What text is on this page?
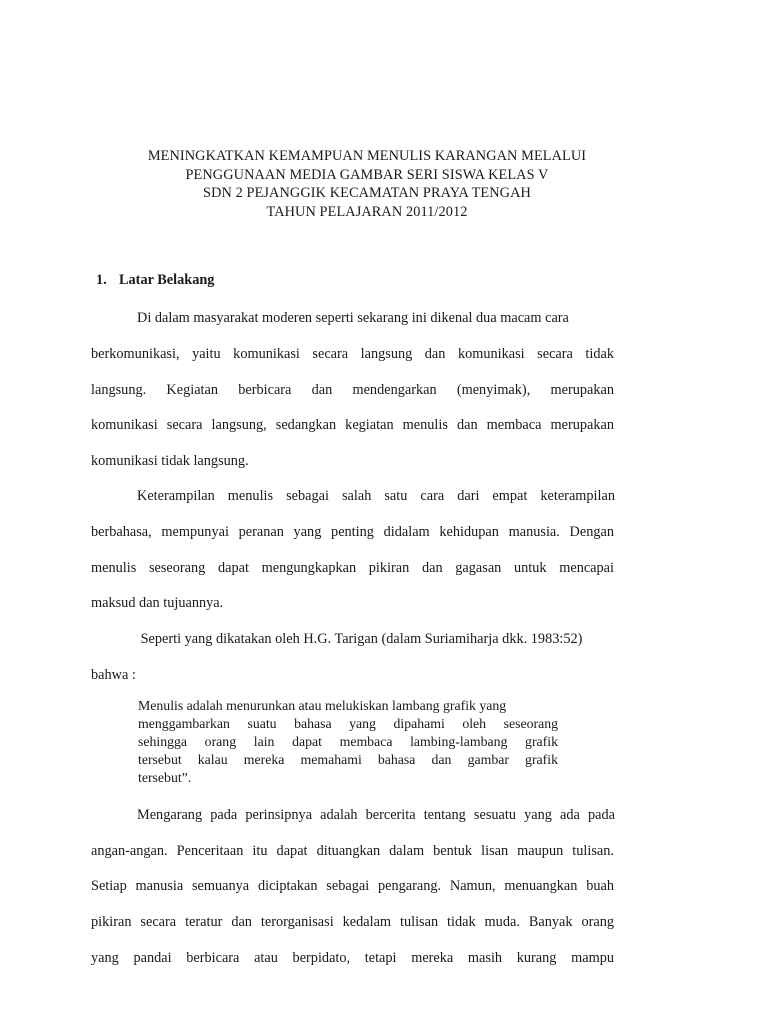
MENINGKATKAN KEMAMPUAN MENULIS KARANGAN MELALUI
PENGGUNAAN MEDIA GAMBAR SERI SISWA KELAS V
SDN 2 PEJANGGIK KECAMATAN PRAYA TENGAH
TAHUN PELAJARAN 2011/2012
1. Latar Belakang
Di dalam masyarakat moderen seperti sekarang ini dikenal dua macam cara
berkomunikasi, yaitu komunikasi secara langsung dan komunikasi secara tidak
langsung. Kegiatan berbicara dan mendengarkan (menyimak), merupakan
komunikasi secara langsung, sedangkan kegiatan menulis dan membaca merupakan
komunikasi tidak langsung.
Keterampilan menulis sebagai salah satu cara dari empat keterampilan
berbahasa, mempunyai peranan yang penting didalam kehidupan manusia. Dengan
menulis seseorang dapat mengungkapkan pikiran dan gagasan untuk mencapai
maksud dan tujuannya.
Seperti yang dikatakan oleh H.G. Tarigan (dalam Suriamiharja dkk. 1983:52)
bahwa :
Menulis adalah menurunkan atau melukiskan lambang grafik yang
menggambarkan suatu bahasa yang dipahami oleh seseorang
sehingga orang lain dapat membaca lambing-lambang grafik
tersebut kalau mereka memahami bahasa dan gambar grafik
tersebut”.
Mengarang pada perinsipnya adalah bercerita tentang sesuatu yang ada pada
angan-angan. Penceritaan itu dapat dituangkan dalam bentuk lisan maupun tulisan.
Setiap manusia semuanya diciptakan sebagai pengarang. Namun, menuangkan buah
pikiran secara teratur dan terorganisasi kedalam tulisan tidak muda. Banyak orang
yang pandai berbicara atau berpidato, tetapi mereka masih kurang mampu
